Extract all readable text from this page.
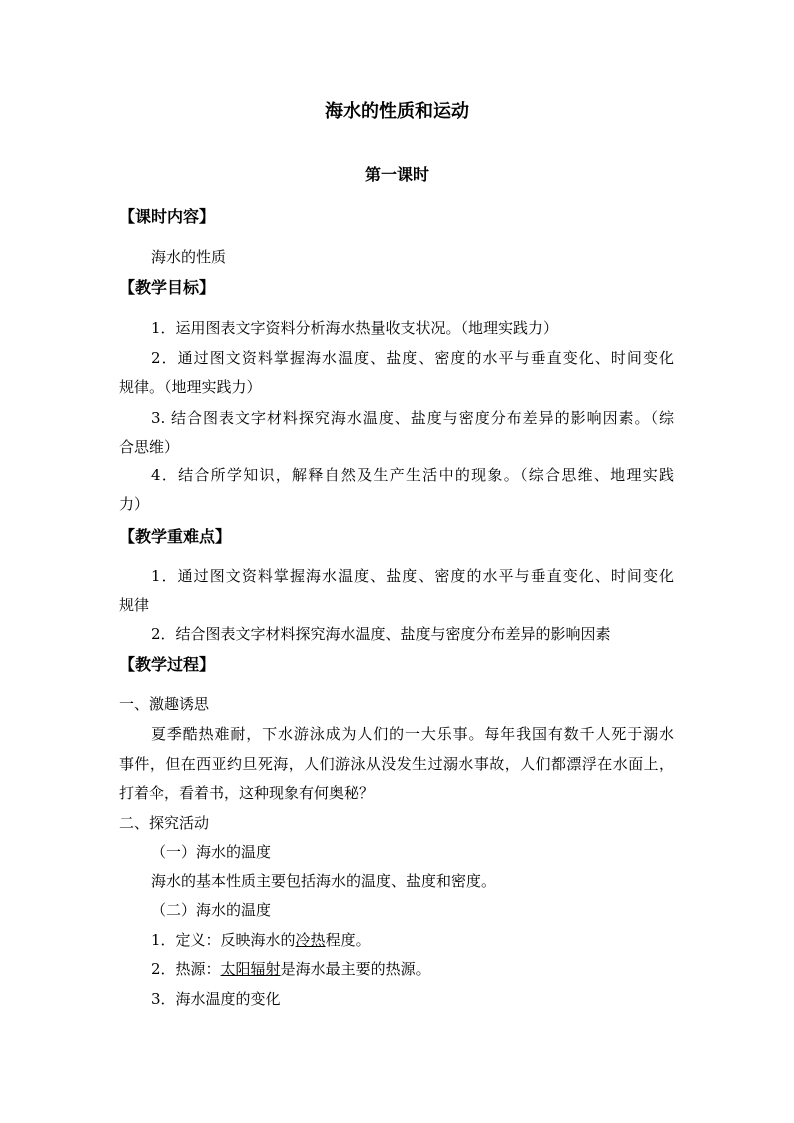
海水的性质和运动
第一课时
【课时内容】
海水的性质
【教学目标】
1．运用图表文字资料分析海水热量收支状况。（地理实践力）
2．通过图文资料掌握海水温度、盐度、密度的水平与垂直变化、时间变化
规律。（地理实践力）
3. 结合图表文字材料探究海水温度、盐度与密度分布差异的影响因素。（综
合思维）
4．结合所学知识，解释自然及生产生活中的现象。（综合思维、地理实践
力）
【教学重难点】
1．通过图文资料掌握海水温度、盐度、密度的水平与垂直变化、时间变化
规律
2．结合图表文字材料探究海水温度、盐度与密度分布差异的影响因素
【教学过程】
一、激趣诱思
夏季酷热难耐，下水游泳成为人们的一大乐事。每年我国有数千人死于溺水
事件，但在西亚约旦死海，人们游泳从没发生过溺水事故，人们都漂浮在水面上，
打着伞，看着书，这种现象有何奥秘？
二、探究活动
（一）海水的温度
海水的基本性质主要包括海水的温度、盐度和密度。
（二）海水的温度
1．定义：反映海水的冷热程度。
2．热源：太阳辐射是海水最主要的热源。
3．海水温度的变化
